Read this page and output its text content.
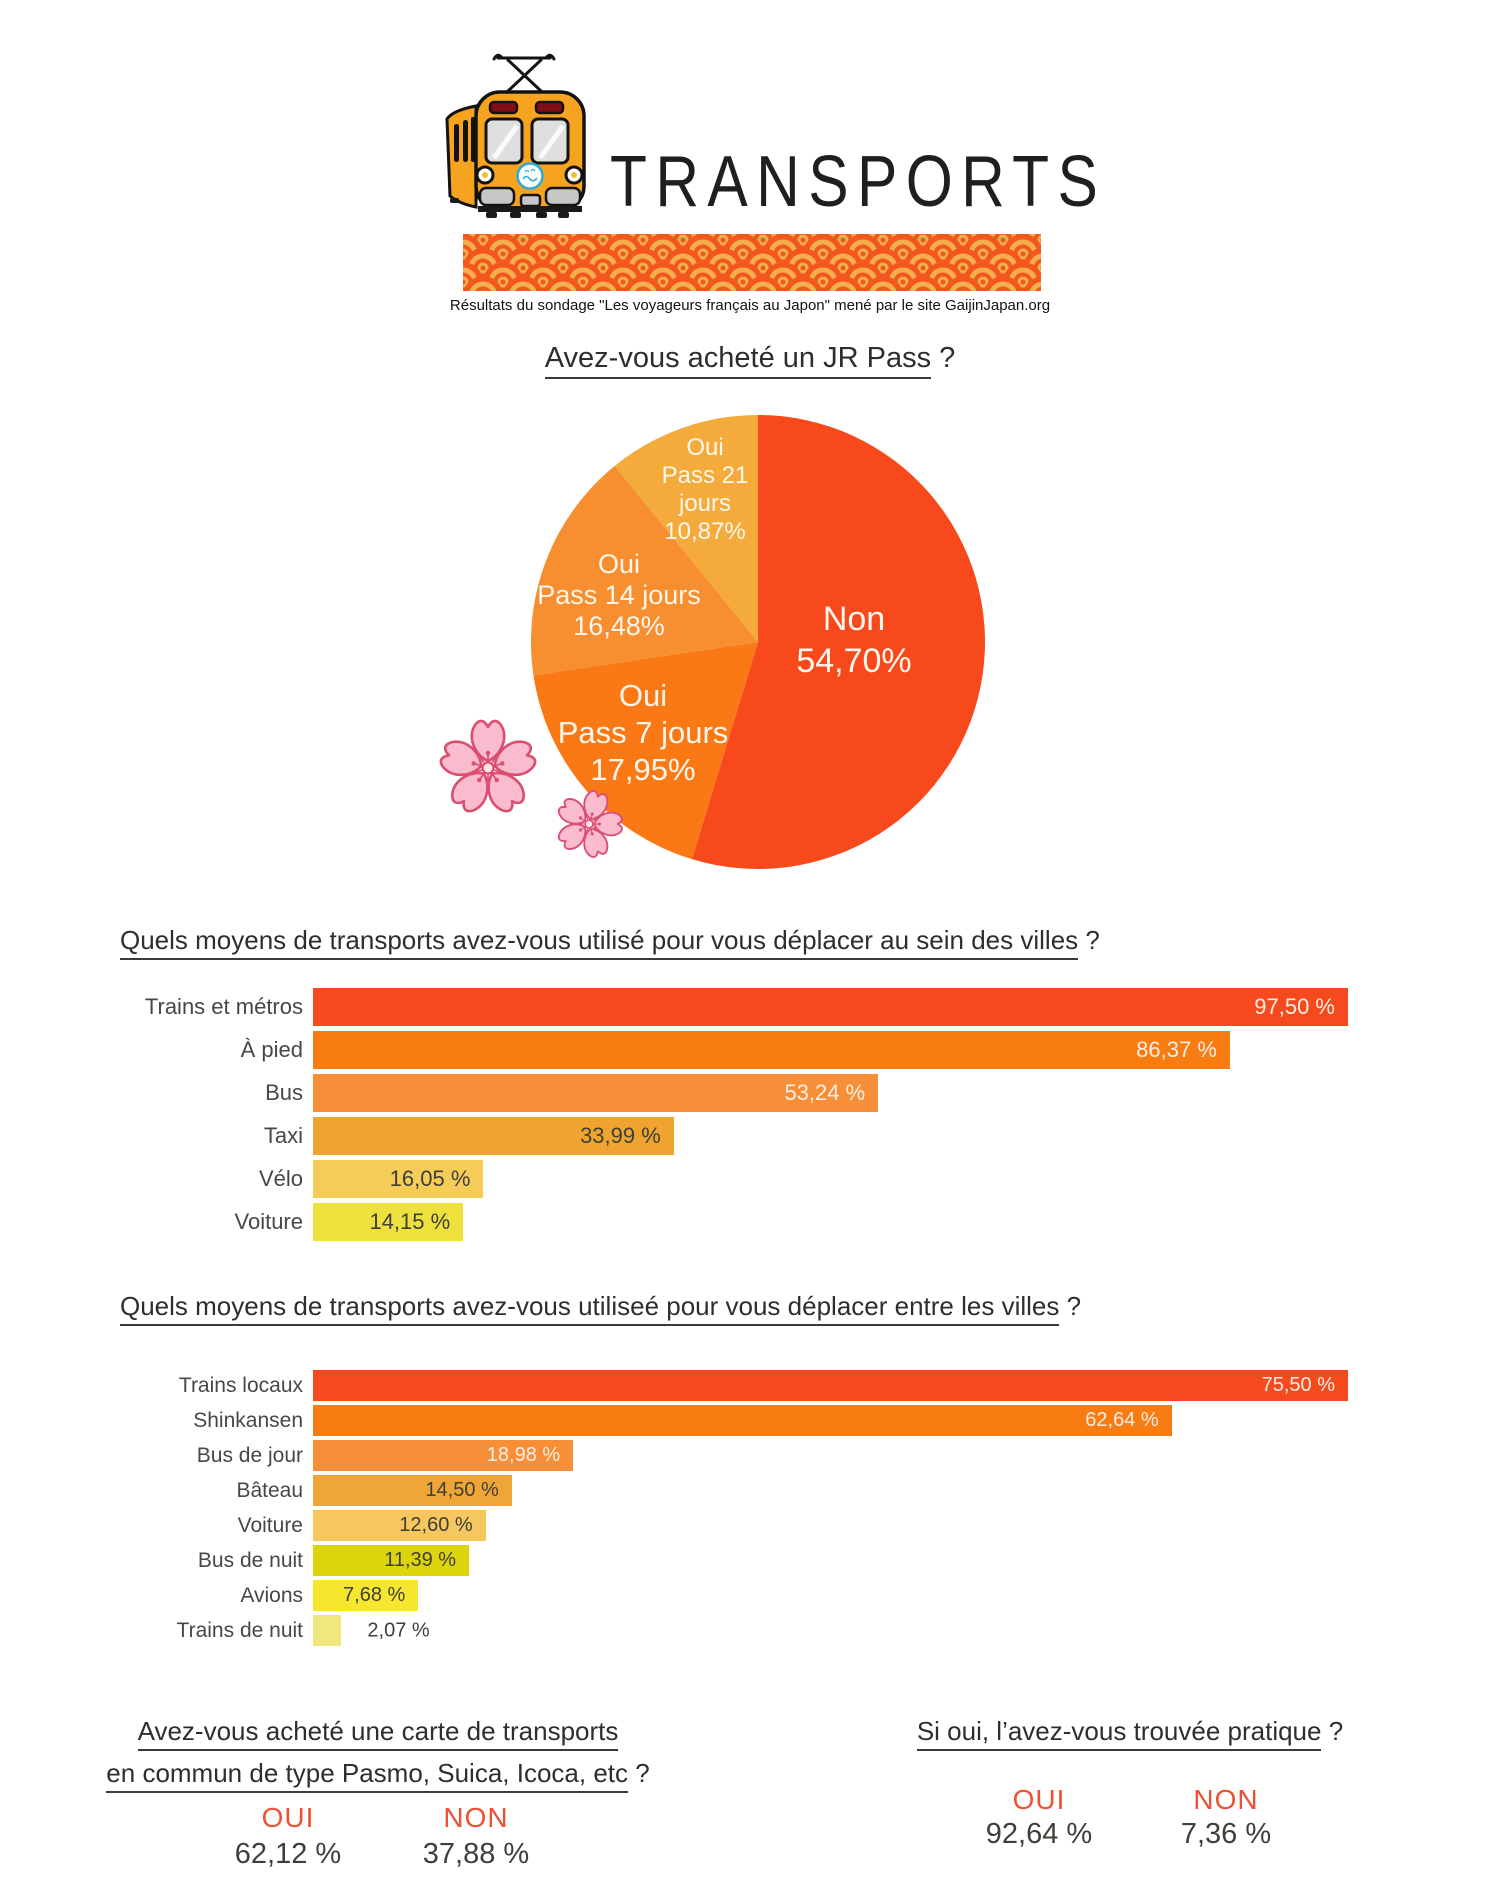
TRANSPORTS
Résultats du sondage "Les voyageurs français au Japon" mené par le site GaijinJapan.org
Avez-vous acheté un JR Pass ?
Non 54,70%
Oui Pass 7 jours 17,95%
Oui Pass 14 jours 16,48%
Oui Pass 21 jours 10,87%
Quels moyens de transports avez-vous utilisé pour vous déplacer au sein des villes ?
Trains et métros	97,50 %
À pied	86,37 %
Bus	53,24 %
Taxi	33,99 %
Vélo	16,05 %
Voiture	14,15 %
Quels moyens de transports avez-vous utiliseé pour vous déplacer entre les villes ?
Trains locaux	75,50 %
Shinkansen	62,64 %
Bus de jour	18,98 %
Bâteau	14,50 %
Voiture	12,60 %
Bus de nuit	11,39 %
Avions	7,68 %
Trains de nuit	2,07 %
Avez-vous acheté une carte de transports
en commun de type Pasmo, Suica, Icoca, etc ?
OUI	NON
62,12 %	37,88 %
Si oui, l’avez-vous trouvée pratique ?
OUI	NON
92,64 %	7,36 %
